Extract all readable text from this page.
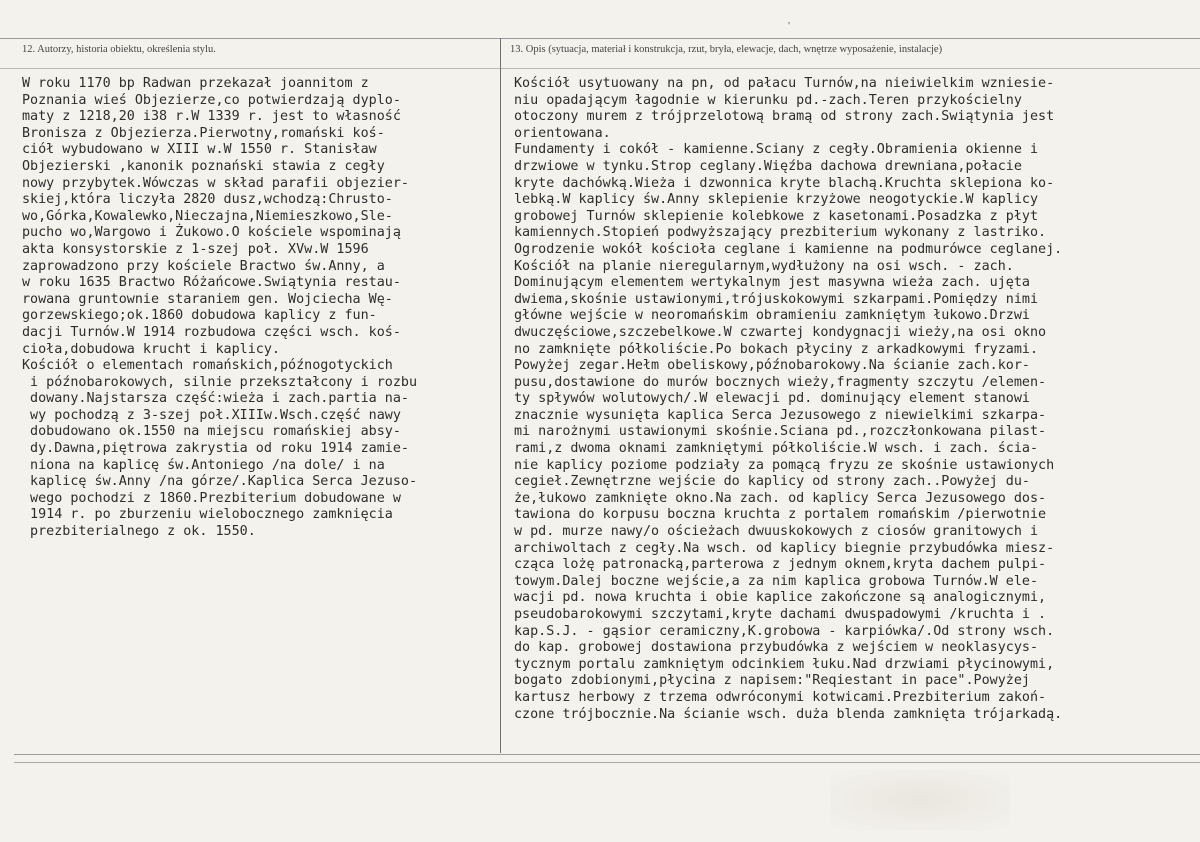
'
12. Autorzy, historia obiektu, określenia stylu.	13. Opis (sytuacja, materiał i konstrukcja, rzut, bryła, elewacje, dach, wnętrze wyposażenie, instalacje)
W roku 1170 bp Radwan przekazał joannitom z
Poznania wieś Objezierze,co potwierdzają dyplo-
maty z 1218,20 i38 r.W 1339 r. jest to własność
Bronisza z Objezierza.Pierwotny,romański koś-
ciół wybudowano w XIII w.W 1550 r. Stanisław
Objezierski ,kanonik poznański stawia z cegły
nowy przybytek.Wówczas w skład parafii objezier-
skiej,która liczyła 2820 dusz,wchodzą:Chrusto-
wo,Górka,Kowalewko,Nieczajna,Niemieszkowo,Sle-
pucho wo,Wargowo i Żukowo.O kościele wspominają
akta konsystorskie z 1-szej poł. XVw.W 1596
zaprowadzono przy kościele Bractwo św.Anny, a
w roku 1635 Bractwo Różańcowe.Swiątynia restau-
rowana gruntownie staraniem gen. Wojciecha Wę-
gorzewskiego;ok.1860 dobudowa kaplicy z fun-
dacji Turnów.W 1914 rozbudowa części wsch. koś-
cioła,dobudowa krucht i kaplicy.
Kościół o elementach romańskich,późnogotyckich
i późnobarokowych, silnie przekształcony i rozbu
dowany.Najstarsza część:wieża i zach.partia na-
wy pochodzą z 3-szej poł.XIIIw.Wsch.część nawy
dobudowano ok.1550 na miejscu romańskiej absy-
dy.Dawna,piętrowa zakrystia od roku 1914 zamie-
niona na kaplicę św.Antoniego /na dole/ i na
kaplicę św.Anny /na górze/.Kaplica Serca Jezuso-
wego pochodzi z 1860.Prezbiterium dobudowane w
1914 r. po zburzeniu wielobocznego zamknięcia
prezbiterialnego z ok. 1550.
Kościół usytuowany na pn, od pałacu Turnów,na nieiwielkim wzniesie-
niu opadającym łagodnie w kierunku pd.-zach.Teren przykościelny
otoczony murem z trójprzelotową bramą od strony zach.Swiątynia jest
orientowana.
Fundamenty i cokół - kamienne.Sciany z cegły.Obramienia okienne i
drzwiowe w tynku.Strop ceglany.Więźba dachowa drewniana,połacie
kryte dachówką.Wieża i dzwonnica kryte blachą.Kruchta sklepiona ko-
lebką.W kaplicy św.Anny sklepienie krzyżowe neogotyckie.W kaplicy
grobowej Turnów sklepienie kolebkowe z kasetonami.Posadzka z płyt
kamiennych.Stopień podwyższający prezbiterium wykonany z lastriko.
Ogrodzenie wokół kościoła ceglane i kamienne na podmurówce ceglanej.
Kościół na planie nieregularnym,wydłużony na osi wsch. - zach.
Dominującym elementem wertykalnym jest masywna wieża zach. ujęta
dwiema,skośnie ustawionymi,trójuskokowymi szkarpami.Pomiędzy nimi
główne wejście w neoromańskim obramieniu zamkniętym łukowo.Drzwi
dwuczęściowe,szczebelkowe.W czwartej kondygnacji wieży,na osi okno
no zamknięte półkoliście.Po bokach płyciny z arkadkowymi fryzami.
Powyżej zegar.Hełm obeliskowy,późnobarokowy.Na ścianie zach.kor-
pusu,dostawione do murów bocznych wieży,fragmenty szczytu /elemen-
ty spływów wolutowych/.W elewacji pd. dominujący element stanowi
znacznie wysunięta kaplica Serca Jezusowego z niewielkimi szkarpa-
mi narożnymi ustawionymi skośnie.Sciana pd.,rozczłonkowana pilast-
rami,z dwoma oknami zamkniętymi półkoliście.W wsch. i zach. ścia-
nie kaplicy poziome podziały za pomącą fryzu ze skośnie ustawionych
cegieł.Zewnętrzne wejście do kaplicy od strony zach..Powyżej du-
że,łukowo zamknięte okno.Na zach. od kaplicy Serca Jezusowego dos-
tawiona do korpusu boczna kruchta z portalem romańskim /pierwotnie
w pd. murze nawy/o ościeżach dwuuskokowych z ciosów granitowych i
archiwoltach z cegły.Na wsch. od kaplicy biegnie przybudówka miesz-
cząca lożę patronacką,parterowa z jednym oknem,kryta dachem pulpi-
towym.Dalej boczne wejście,a za nim kaplica grobowa Turnów.W ele-
wacji pd. nowa kruchta i obie kaplice zakończone są analogicznymi,
pseudobarokowymi szczytami,kryte dachami dwuspadowymi /kruchta i .
kap.S.J. - gąsior ceramiczny,K.grobowa - karpiówka/.Od strony wsch.
do kap. grobowej dostawiona przybudówka z wejściem w neoklasycys-
tycznym portalu zamkniętym odcinkiem łuku.Nad drzwiami płycinowymi,
bogato zdobionymi,płycina z napisem:"Reqiestant in pace".Powyżej
kartusz herbowy z trzema odwróconymi kotwicami.Prezbiterium zakoń-
czone trójbocznie.Na ścianie wsch. duża blenda zamknięta trójarkadą.
